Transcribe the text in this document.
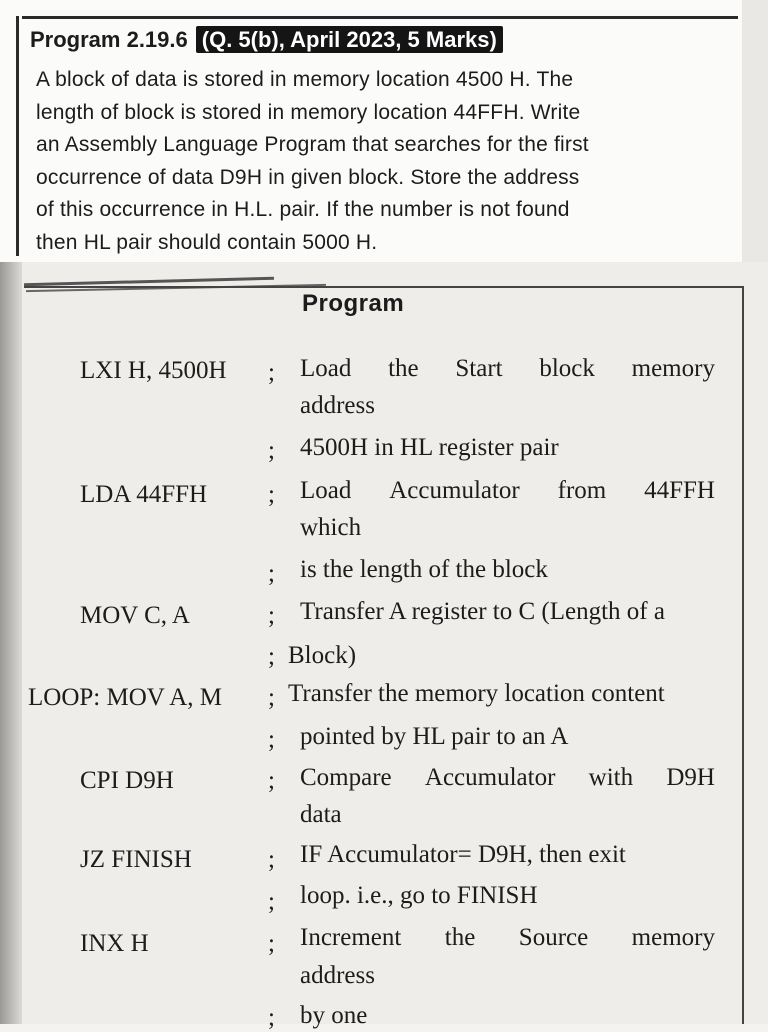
Program 2.19.6 (Q. 5(b), April 2023, 5 Marks)
A block of data is stored in memory location 4500 H. The
length of block is stored in memory location 44FFH. Write
an Assembly Language Program that searches for the first
occurrence of data D9H in given block. Store the address
of this occurrence in H.L. pair. If the number is not found
then HL pair should contain 5000 H.
Program
LXI H, 4500H ; Load the Start block memory
address
; 4500H in HL register pair
LDA 44FFH ; Load Accumulator from 44FFH
which
; is the length of the block
MOV C, A	; Transfer A register to C (Length of a
; Block)
LOOP: MOV A, M ; Transfer the memory location content
; pointed by HL pair to an A
CPI D9H	; Compare Accumulator with D9H
data
JZ FINISH	; IF Accumulator= D9H, then exit
; loop. i.e., go to FINISH
INX H	; Increment the Source memory
address
; by one
